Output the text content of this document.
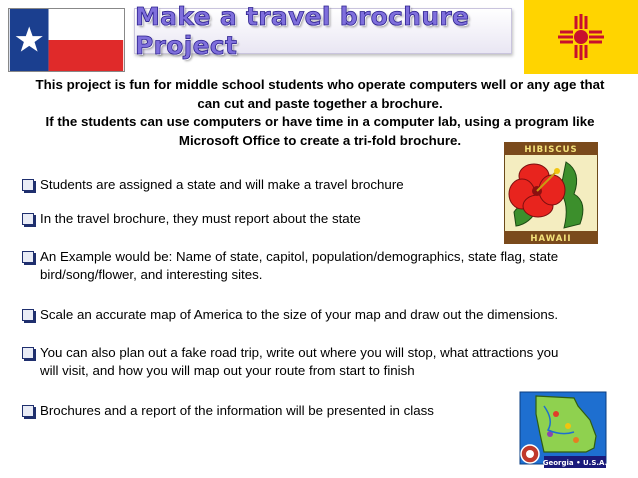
Make a travel brochure Project
This project is fun for middle school students who operate computers well or any age that
can cut and paste together a brochure.
If the students can use computers or have time in a computer lab, using a program like
Microsoft Office to create a tri-fold brochure.
Students are assigned a state and will make a travel brochure
In the travel brochure, they must report about the state
An Example would be: Name of state, capitol, population/demographics, state flag, state
bird/song/flower, and interesting sites.
Scale an accurate map of America to the size of your map and draw out the dimensions.
You can also plan out a fake road trip, write out where you will stop, what attractions you
will visit, and how you will map out your route from start to finish
Brochures and a report of the information will be presented in class
HIBISCUS
HAWAII
Georgia • U.S.A.
